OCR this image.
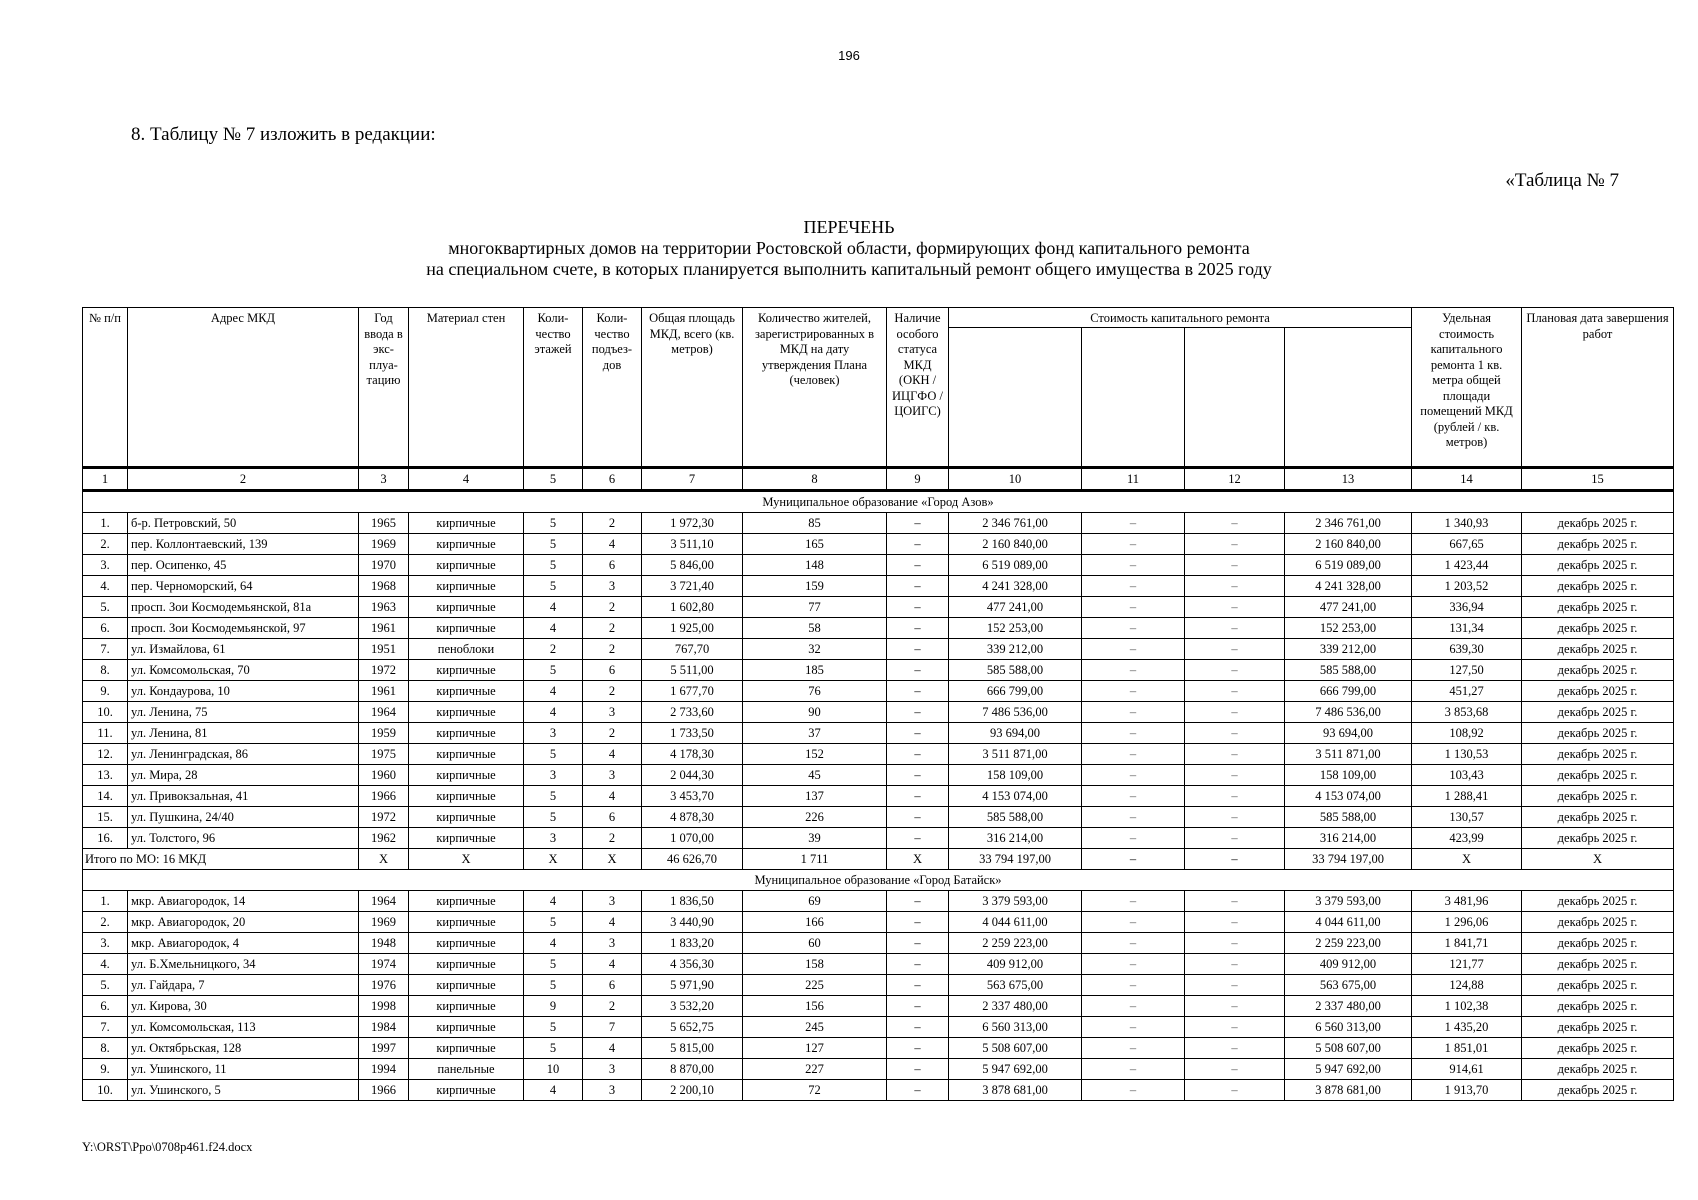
196
8. Таблицу № 7 изложить в редакции:
«Таблица № 7
ПЕРЕЧЕНЬ
многоквартирных домов на территории Ростовской области, формирующих фонд капитального ремонта
на специальном счете, в которых планируется выполнить капитальный ремонт общего имущества в 2025 году
№ п/п	Адрес МКД	Год ввода в экс-плуа-тацию	Материал стен	Коли-чество этажей	Коли-чество подъез-дов	Общая площадь МКД, всего (кв. метров)	Количество жителей, зарегистрированных в МКД на дату утверждения Плана (человек)	Наличие особого статуса МКД (ОКН / ИЦГФО / ЦОИГС)	Стоимость капитального ремонта				Удельная стоимость капитального ремонта 1 кв. метра общей площади помещений МКД (рублей / кв. метров)	Плановая дата завершения работ

1	2	3	4	5	6	7	8	9	10	11	12	13	14	15
Муниципальное образование «Город Азов»														
1.	б-р. Петровский, 50	1965	кирпичные	5	2	1 972,30	85	–	2 346 761,00	–	–	2 346 761,00	1 340,93	декабрь 2025 г.
2.	пер. Коллонтаевский, 139	1969	кирпичные	5	4	3 511,10	165	–	2 160 840,00	–	–	2 160 840,00	667,65	декабрь 2025 г.
3.	пер. Осипенко, 45	1970	кирпичные	5	6	5 846,00	148	–	6 519 089,00	–	–	6 519 089,00	1 423,44	декабрь 2025 г.
4.	пер. Черноморский, 64	1968	кирпичные	5	3	3 721,40	159	–	4 241 328,00	–	–	4 241 328,00	1 203,52	декабрь 2025 г.
5.	просп. Зои Космодемьянской, 81а	1963	кирпичные	4	2	1 602,80	77	–	477 241,00	–	–	477 241,00	336,94	декабрь 2025 г.
6.	просп. Зои Космодемьянской, 97	1961	кирпичные	4	2	1 925,00	58	–	152 253,00	–	–	152 253,00	131,34	декабрь 2025 г.
7.	ул. Измайлова, 61	1951	пеноблоки	2	2	767,70	32	–	339 212,00	–	–	339 212,00	639,30	декабрь 2025 г.
8.	ул. Комсомольская, 70	1972	кирпичные	5	6	5 511,00	185	–	585 588,00	–	–	585 588,00	127,50	декабрь 2025 г.
9.	ул. Кондаурова, 10	1961	кирпичные	4	2	1 677,70	76	–	666 799,00	–	–	666 799,00	451,27	декабрь 2025 г.
10.	ул. Ленина, 75	1964	кирпичные	4	3	2 733,60	90	–	7 486 536,00	–	–	7 486 536,00	3 853,68	декабрь 2025 г.
11.	ул. Ленина, 81	1959	кирпичные	3	2	1 733,50	37	–	93 694,00	–	–	93 694,00	108,92	декабрь 2025 г.
12.	ул. Ленинградская, 86	1975	кирпичные	5	4	4 178,30	152	–	3 511 871,00	–	–	3 511 871,00	1 130,53	декабрь 2025 г.
13.	ул. Мира, 28	1960	кирпичные	3	3	2 044,30	45	–	158 109,00	–	–	158 109,00	103,43	декабрь 2025 г.
14.	ул. Привокзальная, 41	1966	кирпичные	5	4	3 453,70	137	–	4 153 074,00	–	–	4 153 074,00	1 288,41	декабрь 2025 г.
15.	ул. Пушкина, 24/40	1972	кирпичные	5	6	4 878,30	226	–	585 588,00	–	–	585 588,00	130,57	декабрь 2025 г.
16.	ул. Толстого, 96	1962	кирпичные	3	2	1 070,00	39	–	316 214,00	–	–	316 214,00	423,99	декабрь 2025 г.
Итого по МО: 16 МКД		Х	Х	Х	Х	46 626,70	1 711	Х	33 794 197,00	–	–	33 794 197,00	Х	Х
Муниципальное образование «Город Батайск»														
1.	мкр. Авиагородок, 14	1964	кирпичные	4	3	1 836,50	69	–	3 379 593,00	–	–	3 379 593,00	3 481,96	декабрь 2025 г.
2.	мкр. Авиагородок, 20	1969	кирпичные	5	4	3 440,90	166	–	4 044 611,00	–	–	4 044 611,00	1 296,06	декабрь 2025 г.
3.	мкр. Авиагородок, 4	1948	кирпичные	4	3	1 833,20	60	–	2 259 223,00	–	–	2 259 223,00	1 841,71	декабрь 2025 г.
4.	ул. Б.Хмельницкого, 34	1974	кирпичные	5	4	4 356,30	158	–	409 912,00	–	–	409 912,00	121,77	декабрь 2025 г.
5.	ул. Гайдара, 7	1976	кирпичные	5	6	5 971,90	225	–	563 675,00	–	–	563 675,00	124,88	декабрь 2025 г.
6.	ул. Кирова, 30	1998	кирпичные	9	2	3 532,20	156	–	2 337 480,00	–	–	2 337 480,00	1 102,38	декабрь 2025 г.
7.	ул. Комсомольская, 113	1984	кирпичные	5	7	5 652,75	245	–	6 560 313,00	–	–	6 560 313,00	1 435,20	декабрь 2025 г.
8.	ул. Октябрьская, 128	1997	кирпичные	5	4	5 815,00	127	–	5 508 607,00	–	–	5 508 607,00	1 851,01	декабрь 2025 г.
9.	ул. Ушинского, 11	1994	панельные	10	3	8 870,00	227	–	5 947 692,00	–	–	5 947 692,00	914,61	декабрь 2025 г.
10.	ул. Ушинского, 5	1966	кирпичные	4	3	2 200,10	72	–	3 878 681,00	–	–	3 878 681,00	1 913,70	декабрь 2025 г.
Y:\ORST\Ppo\0708p461.f24.docx
